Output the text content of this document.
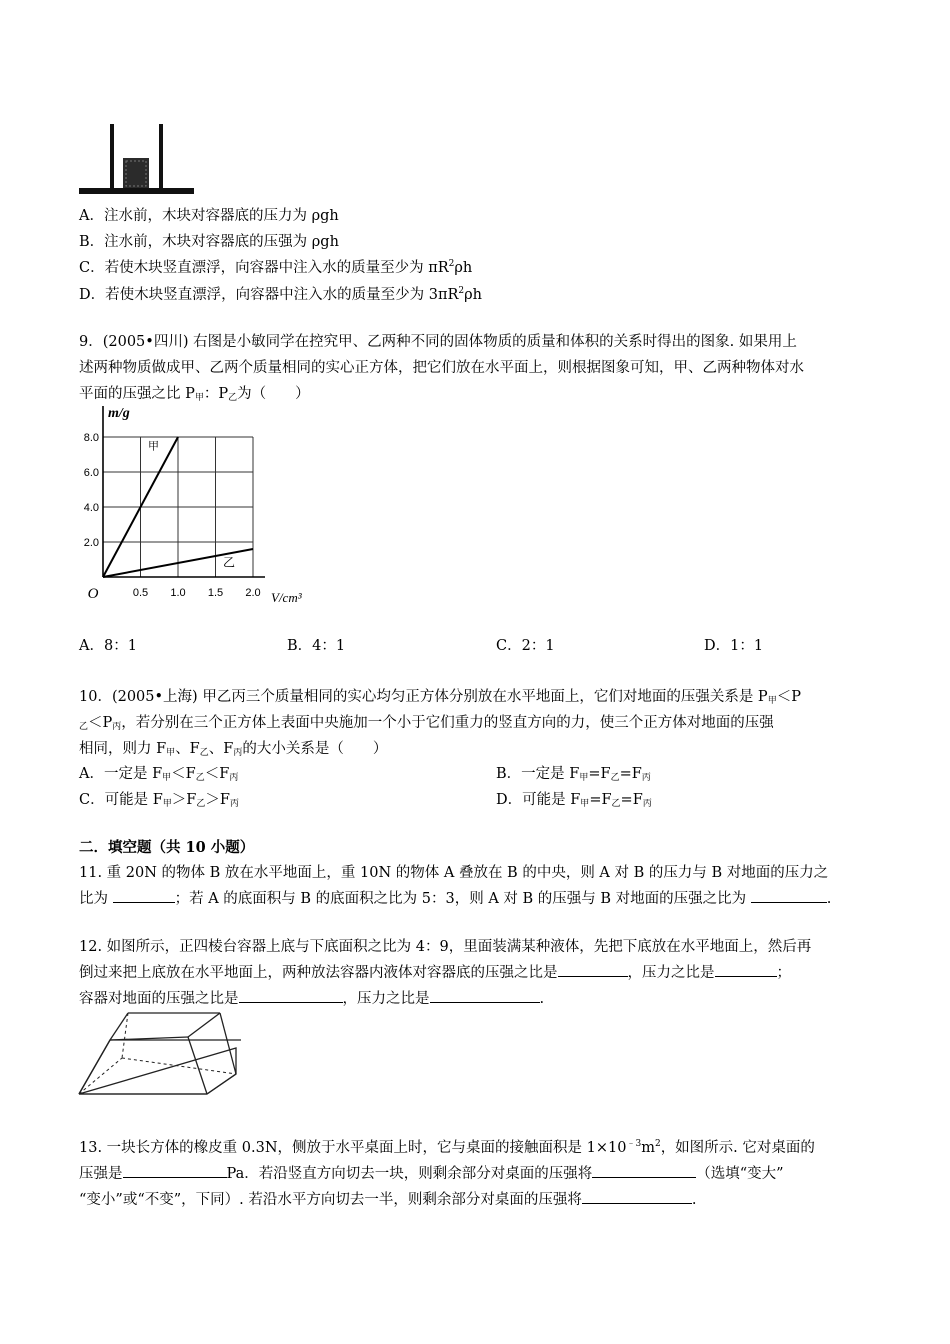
A．注水前，木块对容器底的压力为 ρgh
B．注水前，木块对容器底的压强为 ρgh
C．若使木块竖直漂浮，向容器中注入水的质量至少为 $\pi R^2\rho h$
D．若使木块竖直漂浮，向容器中注入水的质量至少为 $3\pi R^2\rho h$
9．(2005•四川) 右图是小敏同学在控究甲、乙两种不同的固体物质的质量和体积的关系时得出的图象. 如果用上
述两种物质做成甲、乙两个质量相同的实心正方体，把它们放在水平面上，则根据图象可知，甲、乙两种物体对水
平面的压强之比 $P_甲$：$P_乙$为（　　）
0.5 1.0 1.5 2.0
8.0
6.0
4.0
2.0
O
m/g
V/cm³
甲
乙
A．8：1	B．4：1	C．2：1	D．1：1
10．(2005•上海) 甲乙丙三个质量相同的实心均匀正方体分别放在水平地面上，它们对地面的压强关系是 $P_甲<P$
$_乙<P_丙$，若分别在三个正方体上表面中央施加一个小于它们重力的竖直方向的力，使三个正方体对地面的压强
相同，则力 $F_甲$、$F_乙$、$F_丙$的大小关系是（　　）
A．一定是 $F_甲<F_乙<F_丙$	B．一定是 $F_甲=F_乙=F_丙$
C．可能是 $F_甲>F_乙>F_丙$	D．可能是 $F_甲=F_乙=F_丙$
二．填空题（共 10 小题）
11. 重 20N 的物体 B 放在水平地面上，重 10N 的物体 A 叠放在 B 的中央，则 A 对 B 的压力与 B 对地面的压力之
比为	；若 A 的底面积与 B 的底面积之比为 5：3，则 A 对 B 的压强与 B 对地面的压强之比为	.
12. 如图所示，正四棱台容器上底与下底面积之比为 4：9，里面装满某种液体，先把下底放在水平地面上，然后再
倒过来把上底放在水平地面上，两种放法容器内液体对容器底的压强之比是	，压力之比是	；
容器对地面的压强之比是	，压力之比是	.
13. 一块长方体的橡皮重 0.3N，侧放于水平桌面上时，它与桌面的接触面积是 $1\times 10^{﹣3}m^2$，如图所示. 它对桌面的
压强是	Pa．若沿竖直方向切去一块，则剩余部分对桌面的压强将	（选填“变大”
“变小”或“不变”，下同）. 若沿水平方向切去一半，则剩余部分对桌面的压强将	.
